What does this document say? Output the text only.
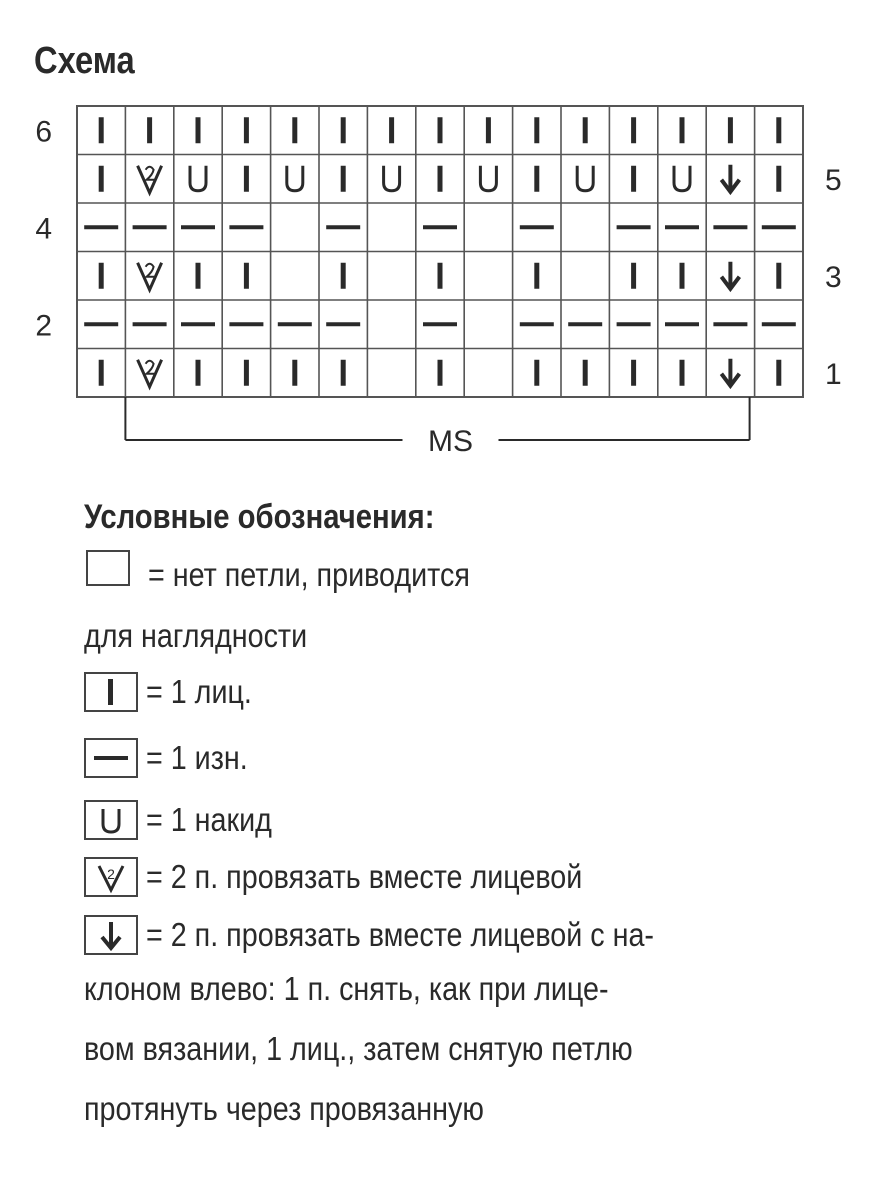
Схема
6
5
4
3
2
1
MS
Условные обозначения:
= нет петли, приводится
для наглядности
= 1 лиц.
= 1 изн.
= 1 накид
2 = 2 п. провязать вместе лицевой
= 2 п. провязать вместе лицевой с на-
клоном влево: 1 п. снять, как при лице-
вом вязании, 1 лиц., затем снятую петлю
протянуть через провязанную
